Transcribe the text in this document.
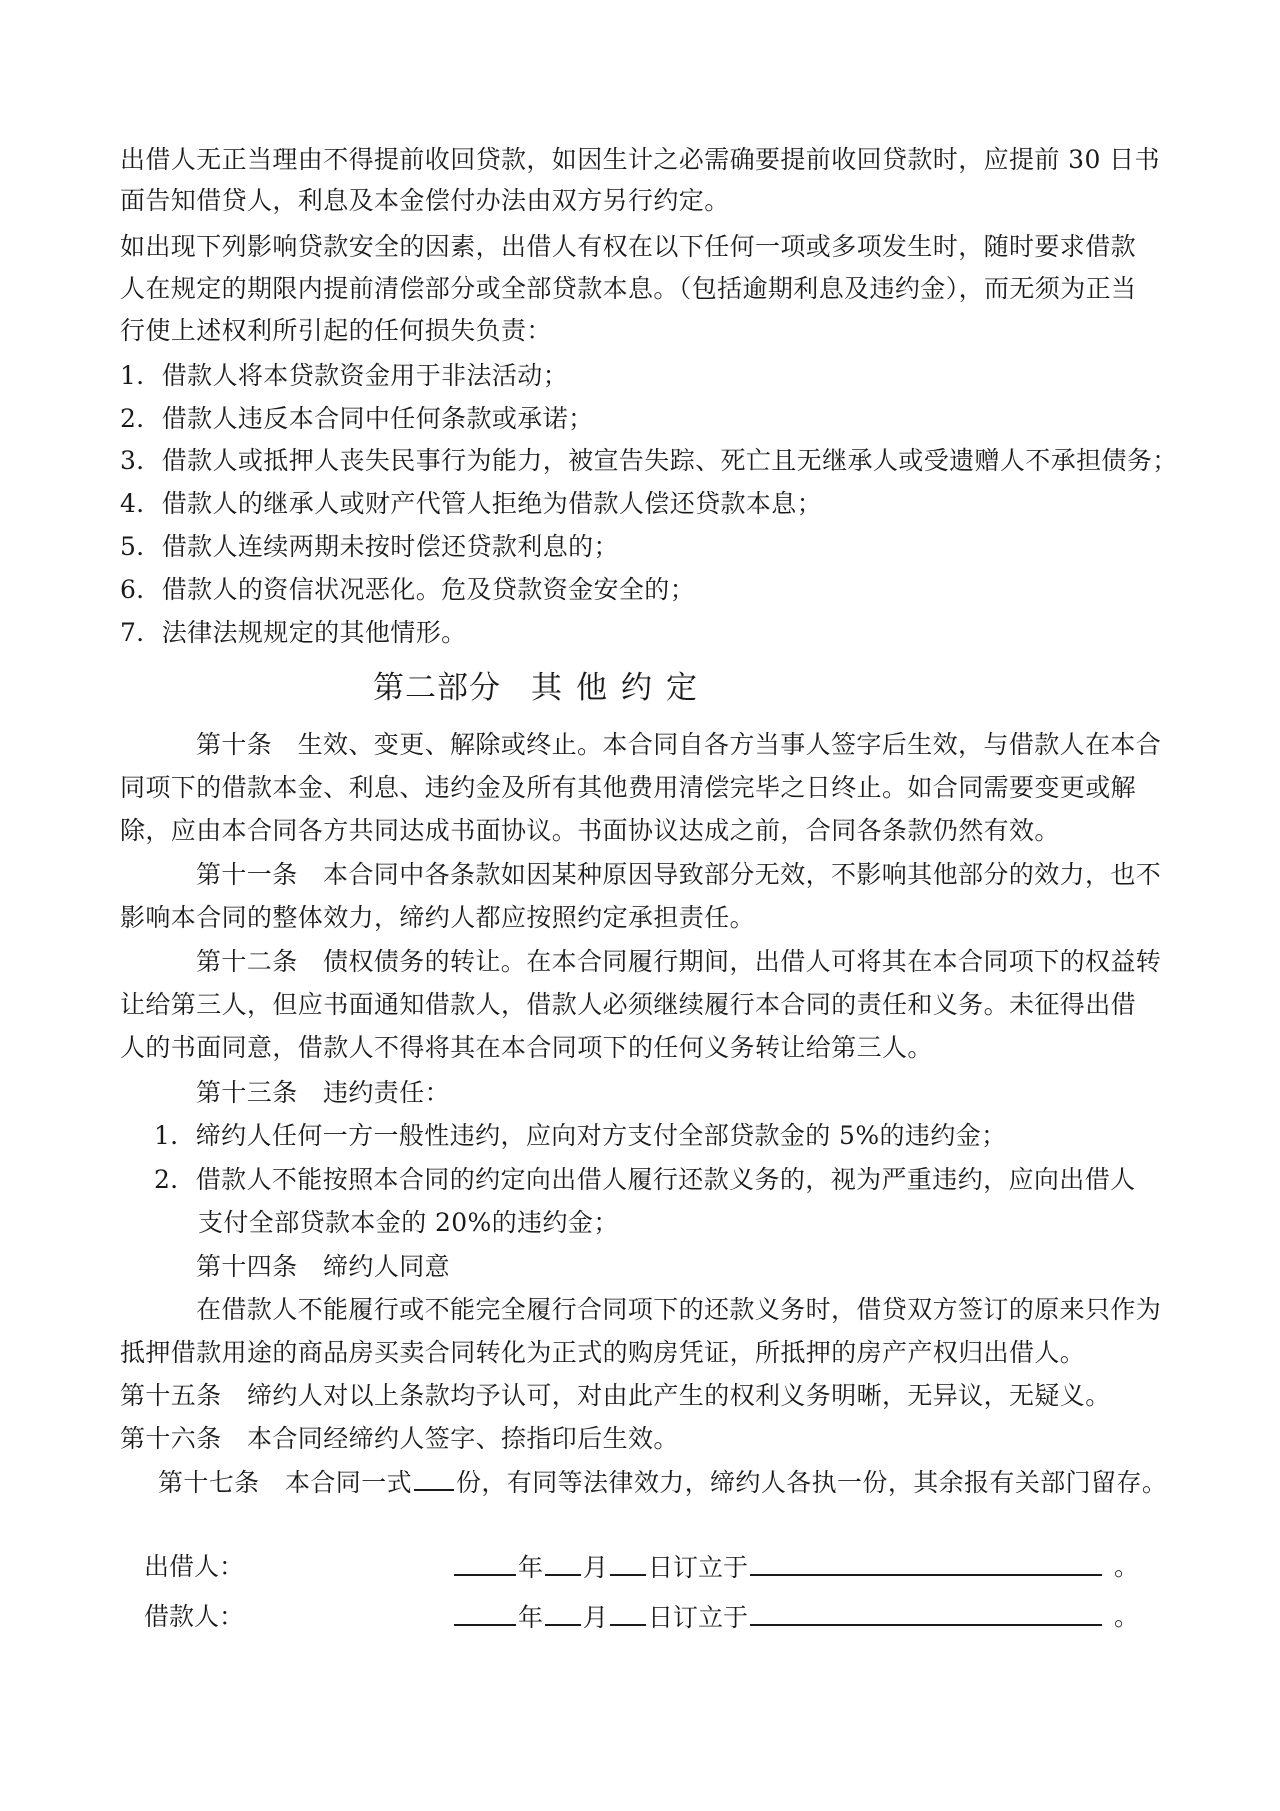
出借人无正当理由不得提前收回贷款，如因生计之必需确要提前收回贷款时，应提前 30 日书
面告知借贷人，利息及本金偿付办法由双方另行约定。
如出现下列影响贷款安全的因素，出借人有权在以下任何一项或多项发生时，随时要求借款
人在规定的期限内提前清偿部分或全部贷款本息。（包括逾期利息及违约金），而无须为正当
行使上述权利所引起的任何损失负责：
1．借款人将本贷款资金用于非法活动；
2．借款人违反本合同中任何条款或承诺；
3．借款人或抵押人丧失民事行为能力，被宣告失踪、死亡且无继承人或受遗赠人不承担债务；
4．借款人的继承人或财产代管人拒绝为借款人偿还贷款本息；
5．借款人连续两期未按时偿还贷款利息的；
6．借款人的资信状况恶化。危及贷款资金安全的；
7．法律法规规定的其他情形。
第二部分 其他约定
第十条　生效、变更、解除或终止。本合同自各方当事人签字后生效，与借款人在本合
同项下的借款本金、利息、违约金及所有其他费用清偿完毕之日终止。如合同需要变更或解
除，应由本合同各方共同达成书面协议。书面协议达成之前，合同各条款仍然有效。
第十一条　本合同中各条款如因某种原因导致部分无效，不影响其他部分的效力，也不
影响本合同的整体效力，缔约人都应按照约定承担责任。
第十二条　债权债务的转让。在本合同履行期间，出借人可将其在本合同项下的权益转
让给第三人，但应书面通知借款人，借款人必须继续履行本合同的责任和义务。未征得出借
人的书面同意，借款人不得将其在本合同项下的任何义务转让给第三人。
第十三条　违约责任：
1．缔约人任何一方一般性违约，应向对方支付全部贷款金的 5%的违约金；
2．借款人不能按照本合同的约定向出借人履行还款义务的，视为严重违约，应向出借人
支付全部贷款本金的 20%的违约金；
第十四条　缔约人同意
在借款人不能履行或不能完全履行合同项下的还款义务时，借贷双方签订的原来只作为
抵押借款用途的商品房买卖合同转化为正式的购房凭证，所抵押的房产产权归出借人。
第十五条　缔约人对以上条款均予认可，对由此产生的权利义务明晰，无异议，无疑义。
第十六条　本合同经缔约人签字、捺指印后生效。
第十七条　本合同一式 份，有同等法律效力，缔约人各执一份，其余报有关部门留存。
出借人：	年 月 日订立于	。
借款人：	年 月 日订立于	。
